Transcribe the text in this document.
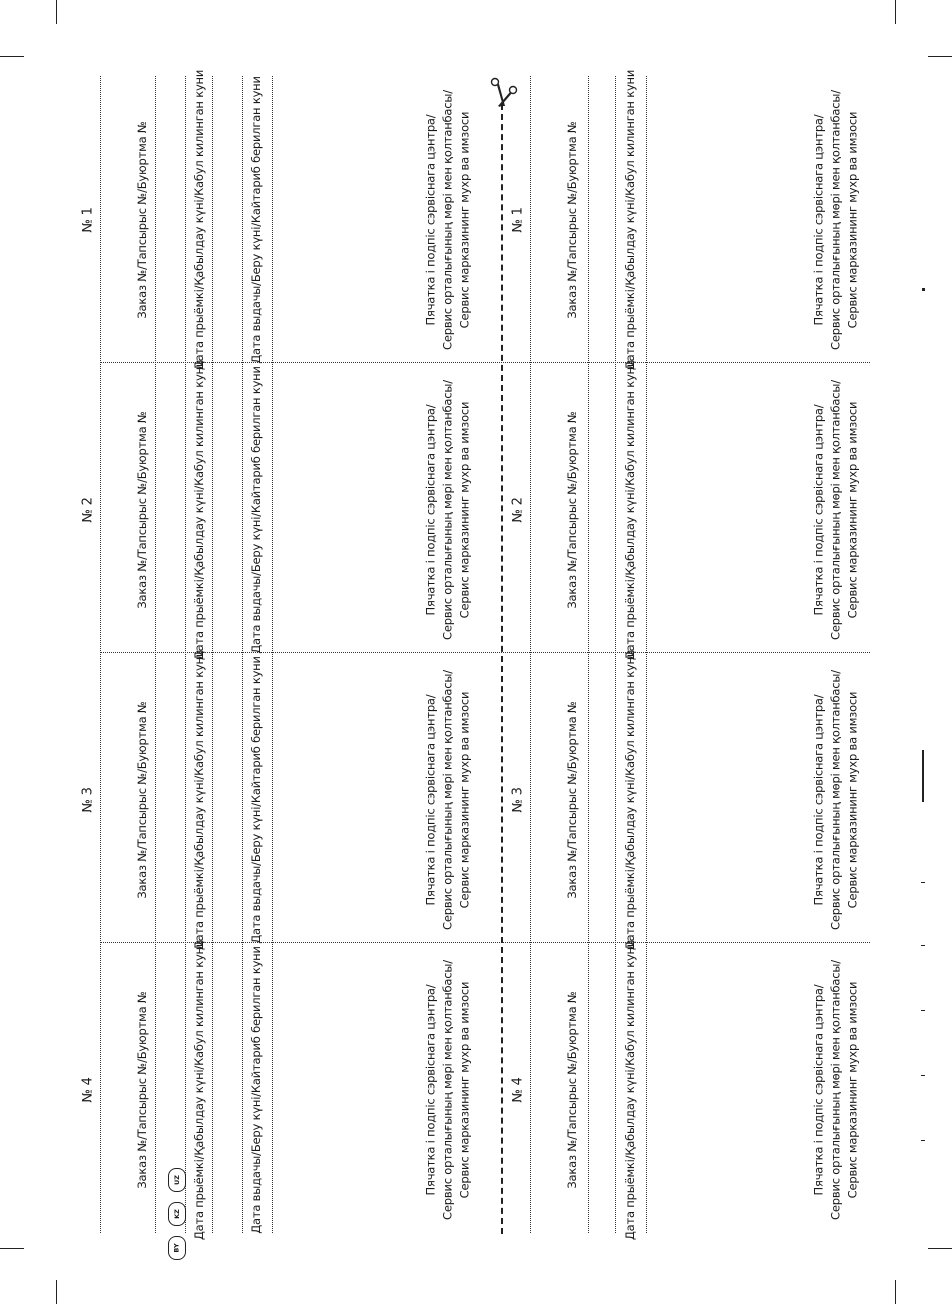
№ 1	Заказ №/Тапсырыс №/Буюртма №	Дата прыёмкі/Қабылдау күні/Кабул килинган куни	Дата выдачы/Беру күні/Кайтариб берилган куни	Пячатка і подпіс сэрвіснага цэнтра/ Сервис орталығының мөрі мен қолтанбасы/ Сервис марказининг мухр ва имзоси
№ 2	Заказ №/Тапсырыс №/Буюртма №	Дата прыёмкі/Қабылдау күні/Кабул килинган куни	Дата выдачы/Беру күні/Кайтариб берилган куни	Пячатка і подпіс сэрвіснага цэнтра/ Сервис орталығының мөрі мен қолтанбасы/ Сервис марказининг мухр ва имзоси
№ 3	Заказ №/Тапсырыс №/Буюртма №	Дата прыёмкі/Қабылдау күні/Кабул килинган куни	Дата выдачы/Беру күні/Кайтариб берилган куни	Пячатка і подпіс сэрвіснага цэнтра/ Сервис орталығының мөрі мен қолтанбасы/ Сервис марказининг мухр ва имзоси
№ 4	Заказ №/Тапсырыс №/Буюртма №	Дата прыёмкі/Қабылдау күні/Кабул килинган куни	Дата выдачы/Беру күні/Кайтариб берилган куни	Пячатка і подпіс сэрвіснага цэнтра/ Сервис орталығының мөрі мен қолтанбасы/ Сервис марказининг мухр ва имзоси
№ 1	Заказ №/Тапсырыс №/Буюртма №	Дата прыёмкі/Қабылдау күні/Кабул килинган куни	Пячатка і подпіс сэрвіснага цэнтра/ Сервис орталығының мөрі мен қолтанбасы/ Сервис марказининг мухр ва имзоси
№ 2	Заказ №/Тапсырыс №/Буюртма №	Дата прыёмкі/Қабылдау күні/Кабул килинган куни	Пячатка і подпіс сэрвіснага цэнтра/ Сервис орталығының мөрі мен қолтанбасы/ Сервис марказининг мухр ва имзоси
№ 3	Заказ №/Тапсырыс №/Буюртма №	Дата прыёмкі/Қабылдау күні/Кабул килинган куни	Пячатка і подпіс сэрвіснага цэнтра/ Сервис орталығының мөрі мен қолтанбасы/ Сервис марказининг мухр ва имзоси
№ 4	Заказ №/Тапсырыс №/Буюртма №	Дата прыёмкі/Қабылдау күні/Кабул килинган куни	Пячатка і подпіс сэрвіснага цэнтра/ Сервис орталығының мөрі мен қолтанбасы/ Сервис марказининг мухр ва имзоси
BY
KZ
UZ
